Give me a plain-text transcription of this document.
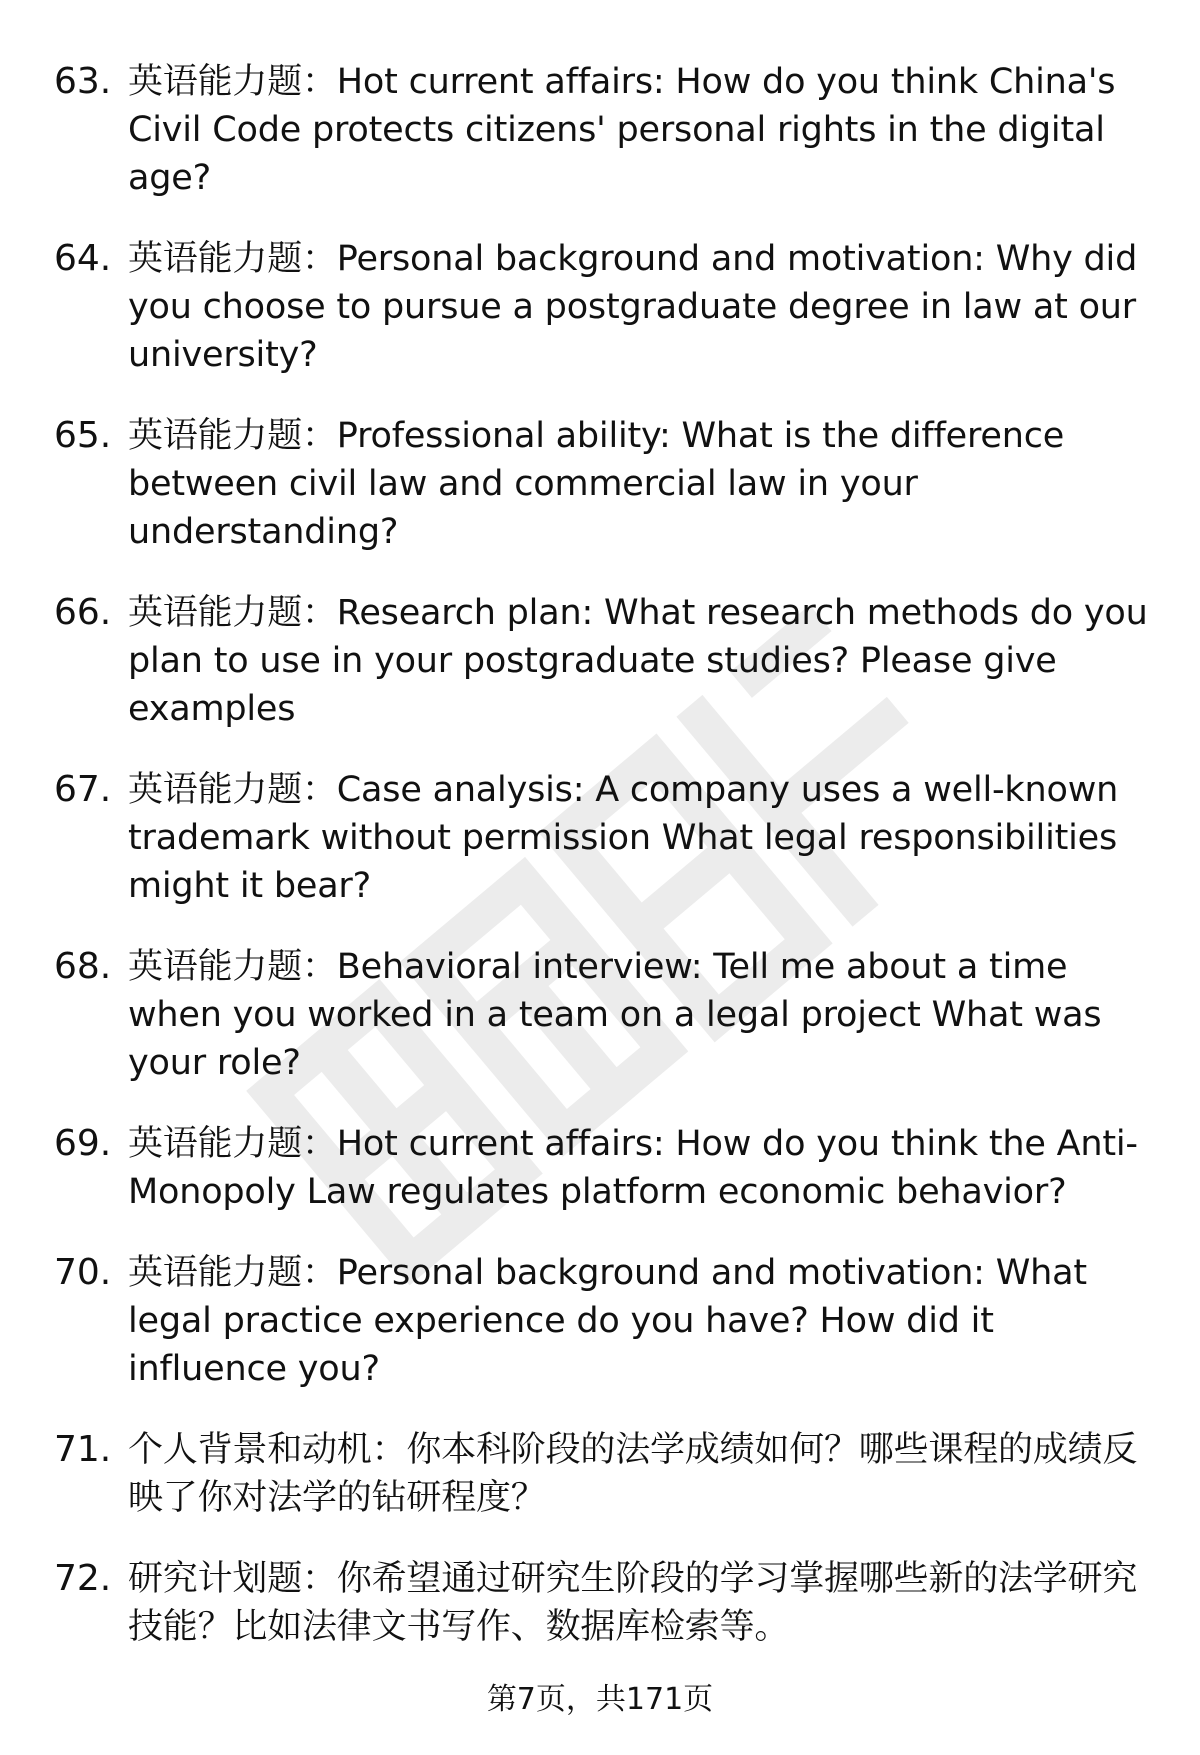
63. 英语能力题：Hot current affairs: How do you think China's Civil Code protects citizens' personal rights in the digital age?
64. 英语能力题：Personal background and motivation: Why did you choose to pursue a postgraduate degree in law at our university?
65. 英语能力题：Professional ability: What is the difference between civil law and commercial law in your understanding?
66. 英语能力题：Research plan: What research methods do you plan to use in your postgraduate studies? Please give examples
67. 英语能力题：Case analysis: A company uses a well-known trademark without permission What legal responsibilities might it bear?
68. 英语能力题：Behavioral interview: Tell me about a time when you worked in a team on a legal project What was your role?
69. 英语能力题：Hot current affairs: How do you think the Anti-Monopoly Law regulates platform economic behavior?
70. 英语能力题：Personal background and motivation: What legal practice experience do you have? How did it influence you?
71. 个人背景和动机：你本科阶段的法学成绩如何？哪些课程的成绩反映了你对法学的钻研程度？
72. 研究计划题：你希望通过研究生阶段的学习掌握哪些新的法学研究技能？比如法律文书写作、数据库检索等。
第7页，共171页
